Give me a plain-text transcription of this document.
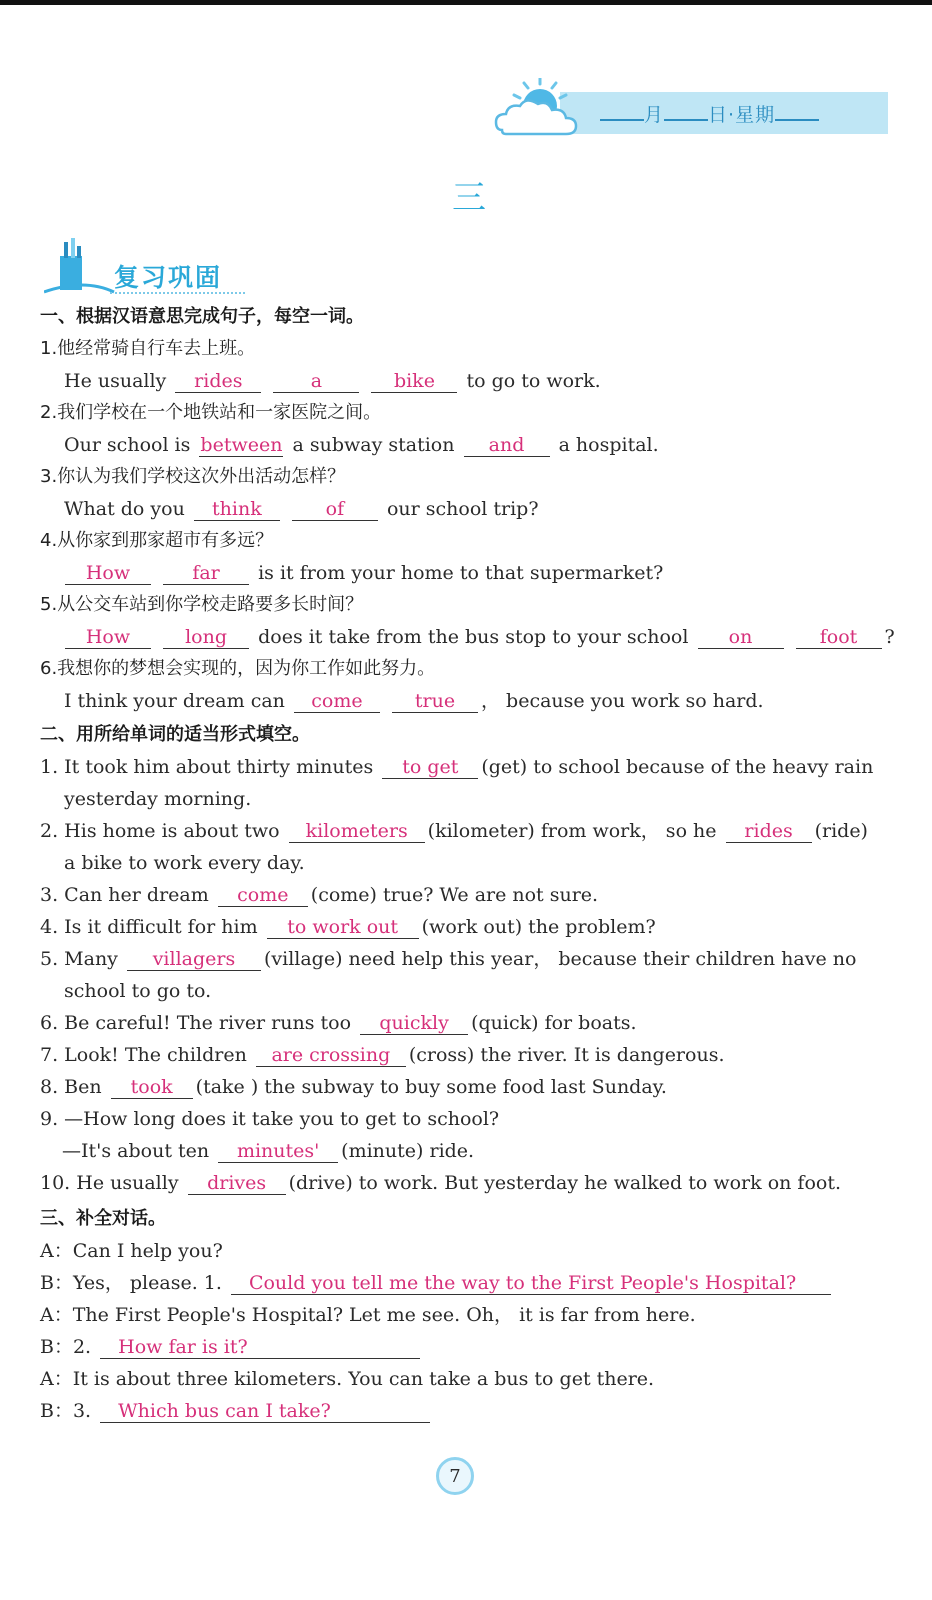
月 日·星期
三
复习巩固
一、根据汉语意思完成句子，每空一词。
1.他经常骑自行车去上班。
He usually rides	a	bike to go to work.
2.我们学校在一个地铁站和一家医院之间。
Our school is between a subway station and a hospital.
3.你认为我们学校这次外出活动怎样？
What do you think	of our school trip?
4.从你家到那家超市有多远？
How	far is it from your home to that supermarket?
5.从公交车站到你学校走路要多长时间？
How	long does it take from the bus stop to your school on	foot ?
6.我想你的梦想会实现的，因为你工作如此努力。
I think your dream can come	true ， because you work so hard.
二、用所给单词的适当形式填空。
1. It took him about thirty minutes to get (get) to school because of the heavy rain
yesterday morning.
2. His home is about two kilometers (kilometer) from work， so he rides (ride)
a bike to work every day.
3. Can her dream come (come) true? We are not sure.
4. Is it difficult for him to work out (work out) the problem?
5. Many villagers (village) need help this year， because their children have no
school to go to.
6. Be careful! The river runs too quickly (quick) for boats.
7. Look! The children are crossing (cross) the river. It is dangerous.
8. Ben took (take ) the subway to buy some food last Sunday.
9. —How long does it take you to get to school?
—It's about ten minutes' (minute) ride.
10. He usually drives (drive) to work. But yesterday he walked to work on foot.
三、补全对话。
A：Can I help you?
B：Yes， please. 1. Could you tell me the way to the First People's Hospital?
A：The First People's Hospital? Let me see. Oh， it is far from here.
B：2. How far is it?
A：It is about three kilometers. You can take a bus to get there.
B：3. Which bus can I take?
7
